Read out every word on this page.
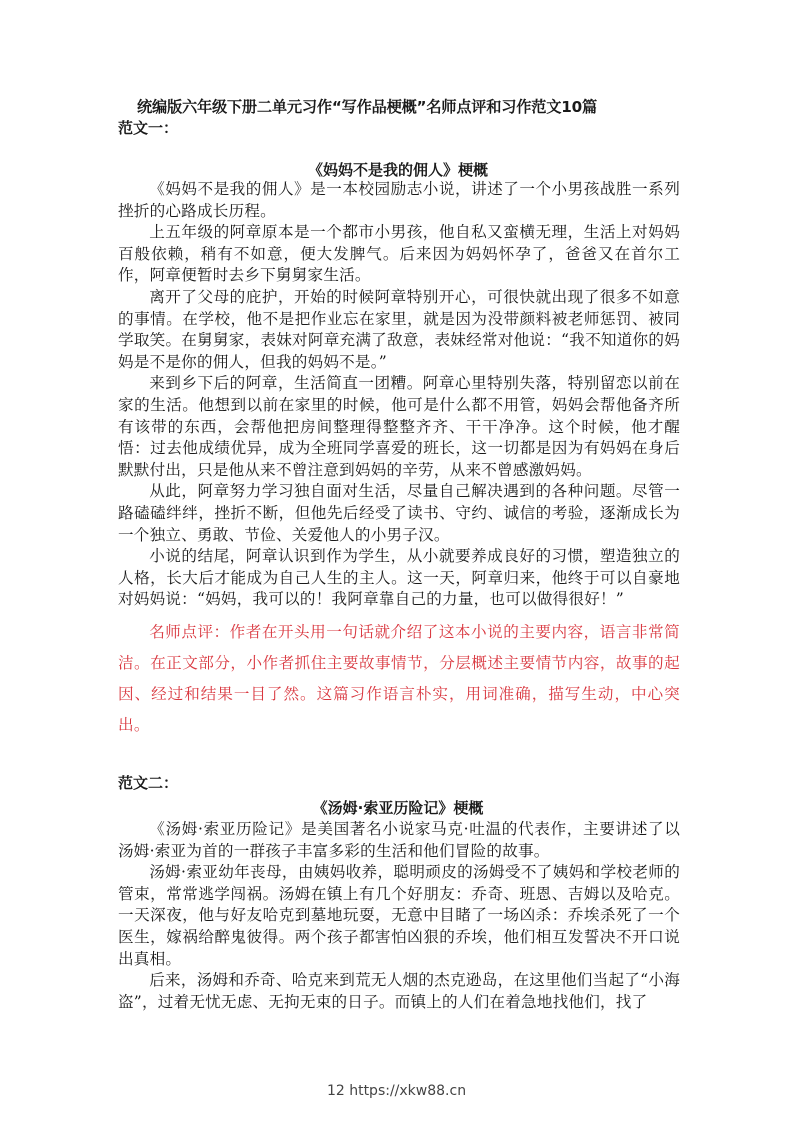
统编版六年级下册二单元习作“写作品梗概”名师点评和习作范文10篇
范文一：
《妈妈不是我的佣人》梗概

《妈妈不是我的佣人》是一本校园励志小说，讲述了一个小男孩战胜一系列挫折的心路成长历程。

上五年级的阿章原本是一个都市小男孩，他自私又蛮横无理，生活上对妈妈百般依赖，稍有不如意，便大发脾气。后来因为妈妈怀孕了，爸爸又在首尔工作，阿章便暂时去乡下舅舅家生活。

离开了父母的庇护，开始的时候阿章特别开心，可很快就出现了很多不如意的事情。在学校，他不是把作业忘在家里，就是因为没带颜料被老师惩罚、被同学取笑。在舅舅家，表妹对阿章充满了敌意，表妹经常对他说：“我不知道你的妈妈是不是你的佣人，但我的妈妈不是。”

来到乡下后的阿章，生活简直一团糟。阿章心里特别失落，特别留恋以前在家的生活。他想到以前在家里的时候，他可是什么都不用管，妈妈会帮他备齐所有该带的东西，会帮他把房间整理得整整齐齐、干干净净。这个时候，他才醒悟：过去他成绩优异，成为全班同学喜爱的班长，这一切都是因为有妈妈在身后默默付出，只是他从来不曾注意到妈妈的辛劳，从来不曾感激妈妈。

从此，阿章努力学习独自面对生活，尽量自己解决遇到的各种问题。尽管一路磕磕绊绊，挫折不断，但他先后经受了读书、守约、诚信的考验，逐渐成长为一个独立、勇敢、节俭、关爱他人的小男子汉。

小说的结尾，阿章认识到作为学生，从小就要养成良好的习惯，塑造独立的人格，长大后才能成为自己人生的主人。这一天，阿章归来，他终于可以自豪地对妈妈说：“妈妈，我可以的！我阿章靠自己的力量，也可以做得很好！”

名师点评：作者在开头用一句话就介绍了这本小说的主要内容，语言非常简洁。在正文部分，小作者抓住主要故事情节，分层概述主要情节内容，故事的起因、经过和结果一目了然。这篇习作语言朴实，用词准确，描写生动，中心突出。

范文二：
《汤姆·索亚历险记》梗概

《汤姆·索亚历险记》是美国著名小说家马克·吐温的代表作，主要讲述了以汤姆·索亚为首的一群孩子丰富多彩的生活和他们冒险的故事。

汤姆·索亚幼年丧母，由姨妈收养，聪明顽皮的汤姆受不了姨妈和学校老师的管束，常常逃学闯祸。汤姆在镇上有几个好朋友：乔奇、班恩、吉姆以及哈克。一天深夜，他与好友哈克到墓地玩耍，无意中目睹了一场凶杀：乔埃杀死了一个医生，嫁祸给醉鬼彼得。两个孩子都害怕凶狠的乔埃，他们相互发誓决不开口说出真相。

后来，汤姆和乔奇、哈克来到荒无人烟的杰克逊岛，在这里他们当起了“小海盗”，过着无忧无虑、无拘无束的日子。而镇上的人们在着急地找他们，找了

12 https://xkw88.cn
